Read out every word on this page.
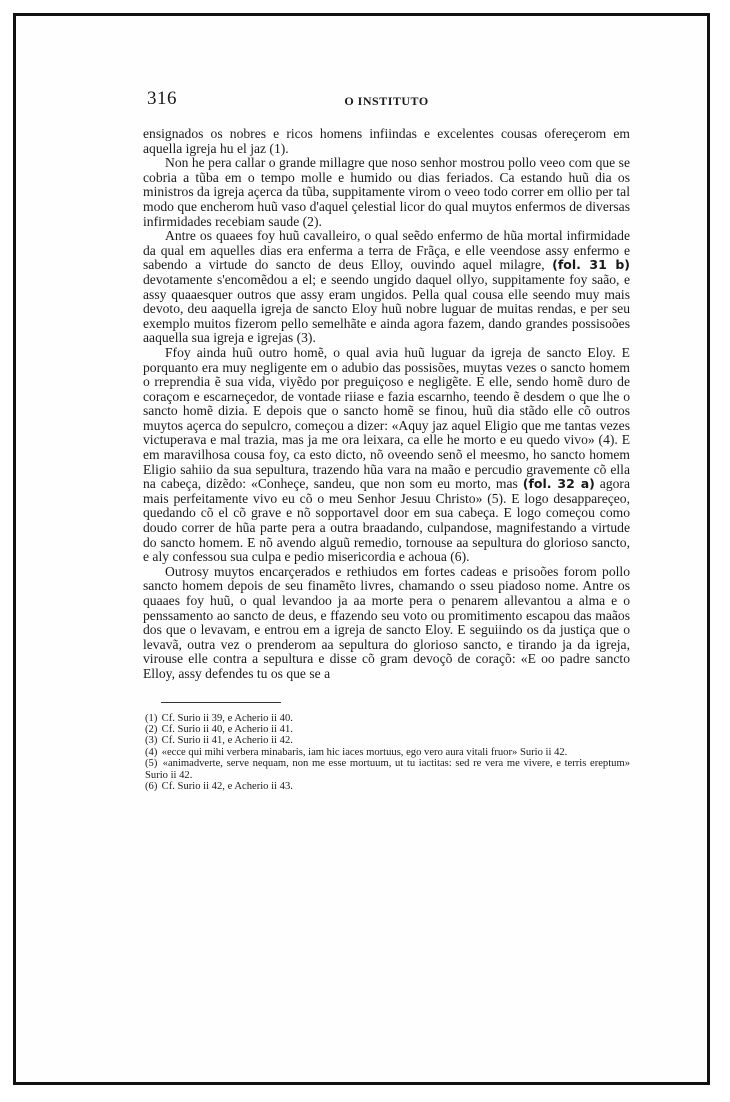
316	O INSTITUTO

ensignados os nobres e ricos homens infiindas e excelentes cousas ofereçerom em aquella igreja hu el jaz (1).

Non he pera callar o grande millagre que noso senhor mostrou pollo veeo com que se cobria a tũba em o tempo molle e humido ou dias feriados. Ca estando huũ dia os ministros da igreja açerca da tũba, suppitamente virom o veeo todo correr em ollio per tal modo que encherom huũ vaso d'aquel çelestial licor do qual muytos enfermos de diversas infirmidades recebiam saude (2).

Antre os quaees foy huũ cavalleiro, o qual seẽdo enfermo de hũa mortal infirmidade da qual em aquelles dias era enferma a terra de Frãça, e elle veendose assy enfermo e sabendo a virtude do sancto de deus Elloy, ouvindo aquel milagre, (fol. 31 b) devotamente s'encomẽdou a el; e seendo ungido daquel ollyo, suppitamente foy saão, e assy quaaesquer outros que assy eram ungidos. Pella qual cousa elle seendo muy mais devoto, deu aaquella igreja de sancto Eloy huũ nobre luguar de muitas rendas, e per seu exemplo muitos fizerom pello semelhãte e ainda agora fazem, dando grandes possisoões aaquella sua igreja e igrejas (3).

Ffoy ainda huũ outro homẽ, o qual avia huũ luguar da igreja de sancto Eloy. E porquanto era muy negligente em o adubio das possisões, muytas vezes o sancto homem o rreprendia ẽ sua vida, viyẽdo por preguiçoso e negligẽte. E elle, sendo homẽ duro de coraçom e escarneçedor, de vontade riiase e fazia escarnho, teendo ẽ desdem o que lhe o sancto homẽ dizia. E depois que o sancto homẽ se finou, huũ dia stãdo elle cõ outros muytos açerca do sepulcro, começou a dizer: «Aquy jaz aquel Eligio que me tantas vezes victuperava e mal trazia, mas ja me ora leixara, ca elle he morto e eu quedo vivo» (4). E em maravilhosa cousa foy, ca esto dicto, nõ oveendo senõ el meesmo, ho sancto homem Eligio sahiio da sua sepultura, trazendo hũa vara na maão e percudio gravemente cõ ella na cabeça, dizẽdo: «Conheçe, sandeu, que non som eu morto, mas (fol. 32 a) agora mais perfeitamente vivo eu cõ o meu Senhor Jesuu Christo» (5). E logo desappareçeo, quedando cõ el cõ grave e nõ sopportavel door em sua cabeça. E logo começou como doudo correr de hũa parte pera a outra braadando, culpandose, magnifestando a virtude do sancto homem. E nõ avendo alguũ remedio, tornouse aa sepultura do glorioso sancto, e aly confessou sua culpa e pedio misericordia e achoua (6).

Outrosy muytos encarçerados e rethiudos em fortes cadeas e prisoões forom pollo sancto homem depois de seu finamẽto livres, chamando o sseu piadoso nome. Antre os quaaes foy huũ, o qual levandoo ja aa morte pera o penarem allevantou a alma e o penssamento ao sancto de deus, e ffazendo seu voto ou promitimento escapou das maãos dos que o levavam, e entrou em a igreja de sancto Eloy. E seguiindo os da justiça que o levavã, outra vez o prenderom aa sepultura do glorioso sancto, e tirando ja da igreja, virouse elle contra a sepultura e disse cõ gram devoçõ de coraçõ: «E oo padre sancto Elloy, assy defendes tu os que se a

(1) Cf. Surio ii 39, e Acherio ii 40.

(2) Cf. Surio ii 40, e Acherio ii 41.

(3) Cf. Surio ii 41, e Acherio ii 42.

(4) «ecce qui mihi verbera minabaris, iam hic iaces mortuus, ego vero aura vitali fruor» Surio ii 42.

(5) «animadverte, serve nequam, non me esse mortuum, ut tu iactitas: sed re vera me vivere, e terris ereptum» Surio ii 42.

(6) Cf. Surio ii 42, e Acherio ii 43.
